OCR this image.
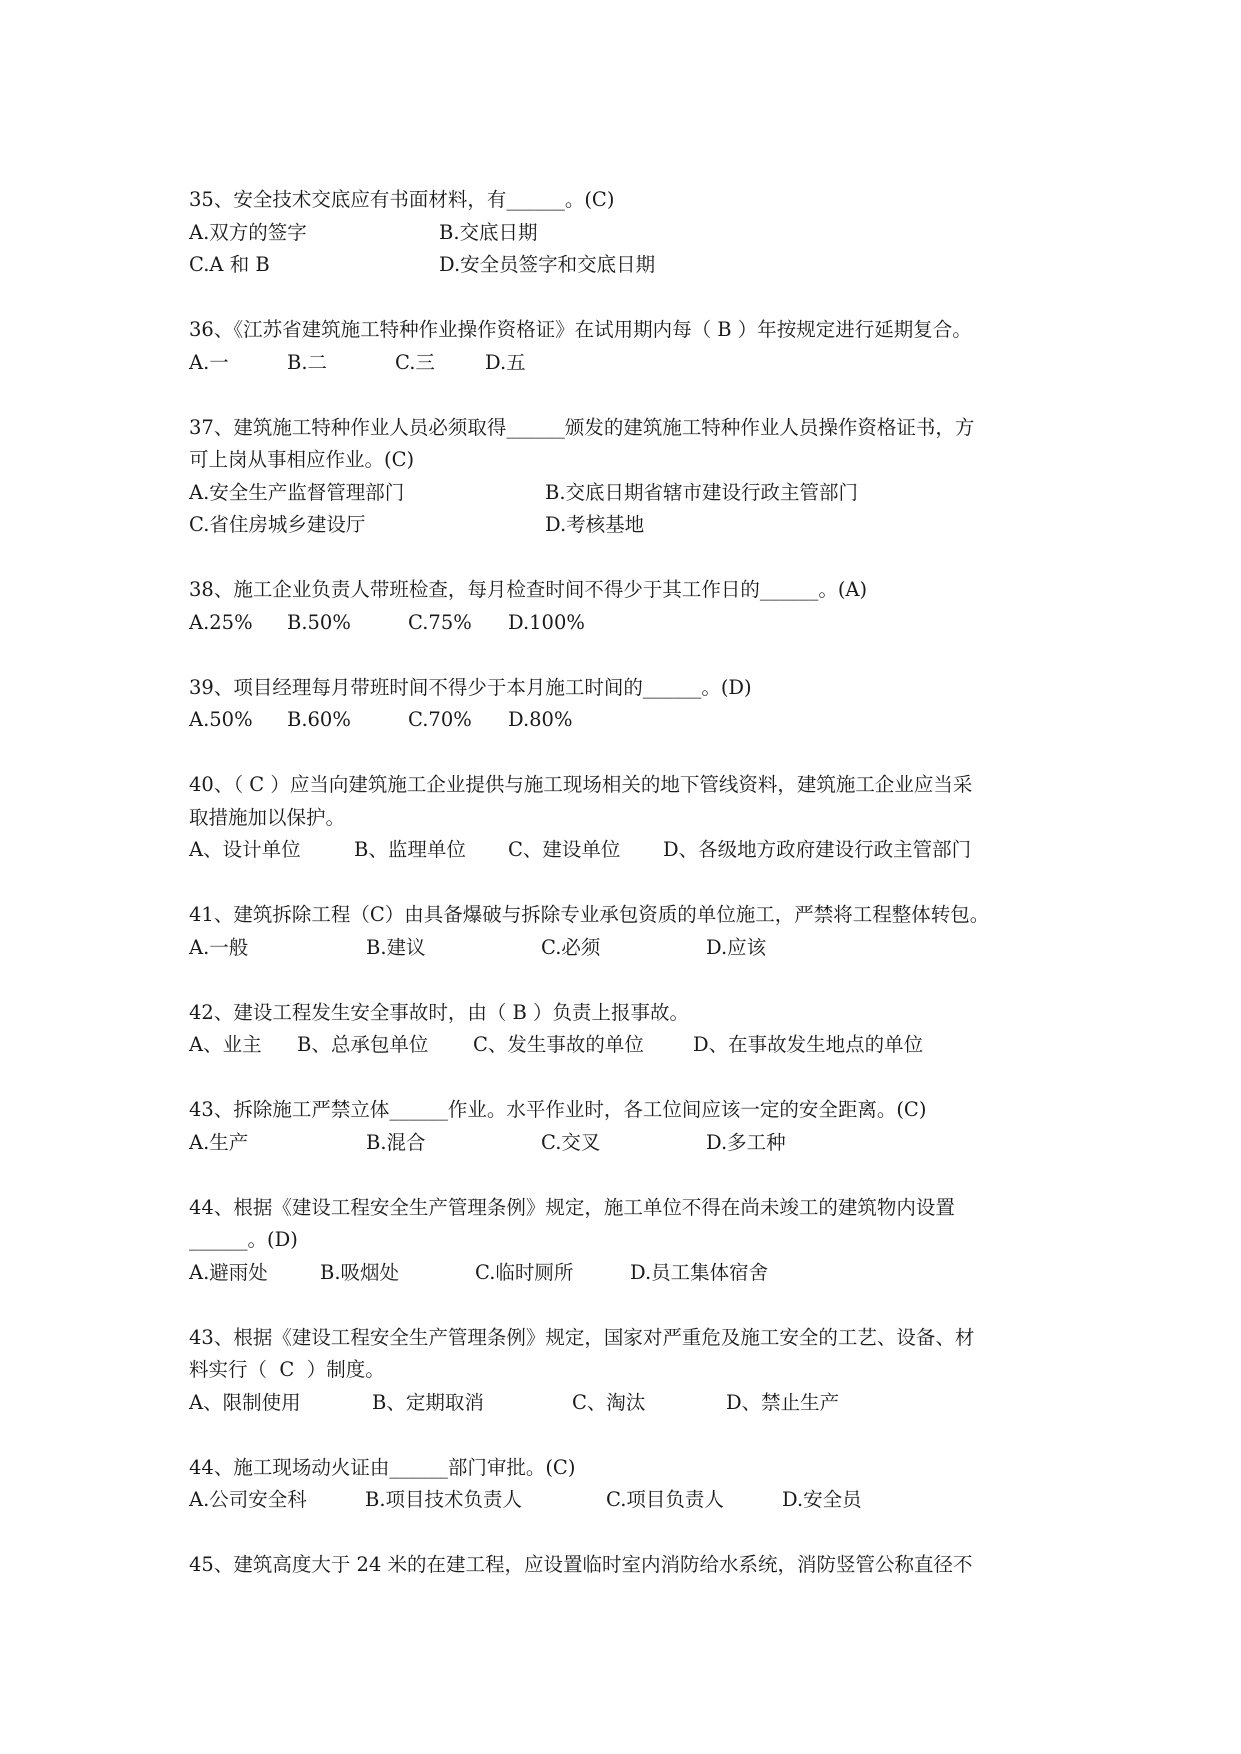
35、安全技术交底应有书面材料，有______。(C)
A.双方的签字	B.交底日期
C.A 和 B	D.安全员签字和交底日期
36、《江苏省建筑施工特种作业操作资格证》在试用期内每（ B ）年按规定进行延期复合。
A.一	B.二	C.三	D.五
37、建筑施工特种作业人员必须取得______颁发的建筑施工特种作业人员操作资格证书，方
可上岗从事相应作业。(C)
A.安全生产监督管理部门	B.交底日期省辖市建设行政主管部门
C.省住房城乡建设厅	D.考核基地
38、施工企业负责人带班检查，每月检查时间不得少于其工作日的______。(A)
A.25% B.50%	C.75% D.100%
39、项目经理每月带班时间不得少于本月施工时间的______。(D)
A.50% B.60%	C.70% D.80%
40、（ C ）应当向建筑施工企业提供与施工现场相关的地下管线资料，建筑施工企业应当采
取措施加以保护。
A、设计单位	B、监理单位 C、建设单位 D、各级地方政府建设行政主管部门
41、建筑拆除工程（C）由具备爆破与拆除专业承包资质的单位施工，严禁将工程整体转包。
A.一般	B.建议	C.必须	D.应该
42、建设工程发生安全事故时，由（ B ）负责上报事故。
A、业主 B、总承包单位 C、发生事故的单位	D、在事故发生地点的单位
43、拆除施工严禁立体______作业。水平作业时，各工位间应该一定的安全距离。(C)
A.生产	B.混合	C.交叉	D.多工种
44、根据《建设工程安全生产管理条例》规定，施工单位不得在尚未竣工的建筑物内设置
______。(D)
A.避雨处	B.吸烟处	C.临时厕所	D.员工集体宿舍
43、根据《建设工程安全生产管理条例》规定，国家对严重危及施工安全的工艺、设备、材
料实行（  C  ）制度。
A、限制使用	B、定期取消	C、淘汰	D、禁止生产
44、施工现场动火证由______部门审批。(C)
A.公司安全科	B.项目技术负责人	C.项目负责人	D.安全员
45、建筑高度大于 24 米的在建工程，应设置临时室内消防给水系统，消防竖管公称直径不
